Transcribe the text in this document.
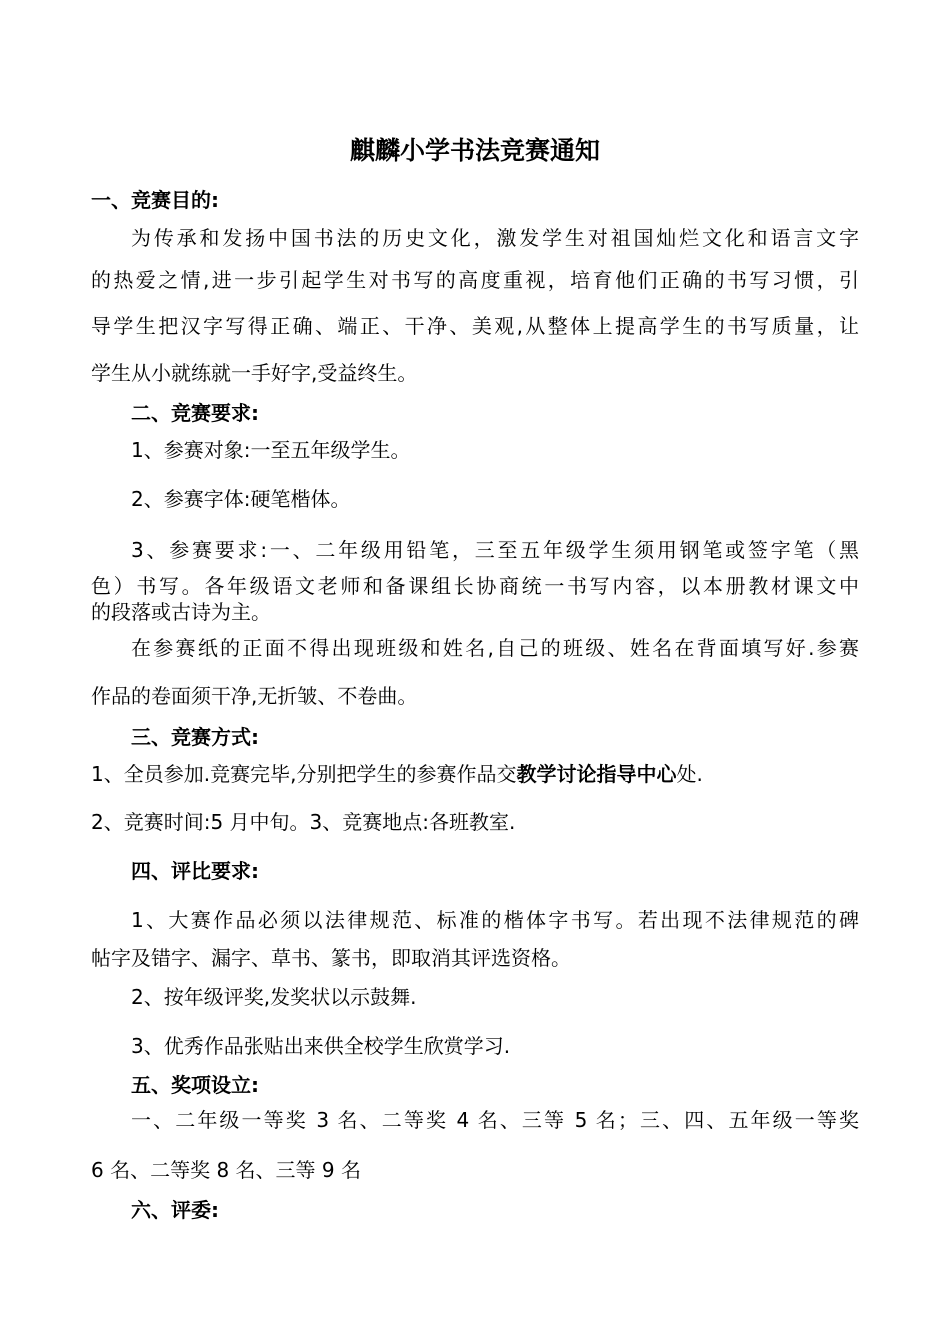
麒麟小学书法竞赛通知

一、竞赛目的:

为传承和发扬中国书法的历史文化，激发学生对祖国灿烂文化和语言文字

的热爱之情,进一步引起学生对书写的高度重视，培育他们正确的书写习惯，引

导学生把汉字写得正确、端正、干净、美观,从整体上提高学生的书写质量，让

学生从小就练就一手好字,受益终生。

二、竞赛要求:

1、参赛对象:一至五年级学生。

2、参赛字体:硬笔楷体。

3、参赛要求:一、二年级用铅笔，三至五年级学生须用钢笔或签字笔（黑

色）书写。各年级语文老师和备课组长协商统一书写内容，以本册教材课文中

的段落或古诗为主。

在参赛纸的正面不得出现班级和姓名,自己的班级、姓名在背面填写好.参赛

作品的卷面须干净,无折皱、不卷曲。

三、竞赛方式:

1、全员参加.竞赛完毕,分别把学生的参赛作品交教学讨论指导中心处.

2、竞赛时间:5 月中旬。3、竞赛地点:各班教室.

四、评比要求:

1、大赛作品必须以法律规范、标准的楷体字书写。若出现不法律规范的碑

帖字及错字、漏字、草书、篆书，即取消其评选资格。

2、按年级评奖,发奖状以示鼓舞.

3、优秀作品张贴出来供全校学生欣赏学习.

五、奖项设立:

一、二年级一等奖 3 名、二等奖 4 名、三等 5 名；三、四、五年级一等奖

6 名、二等奖 8 名、三等 9 名

六、评委:
